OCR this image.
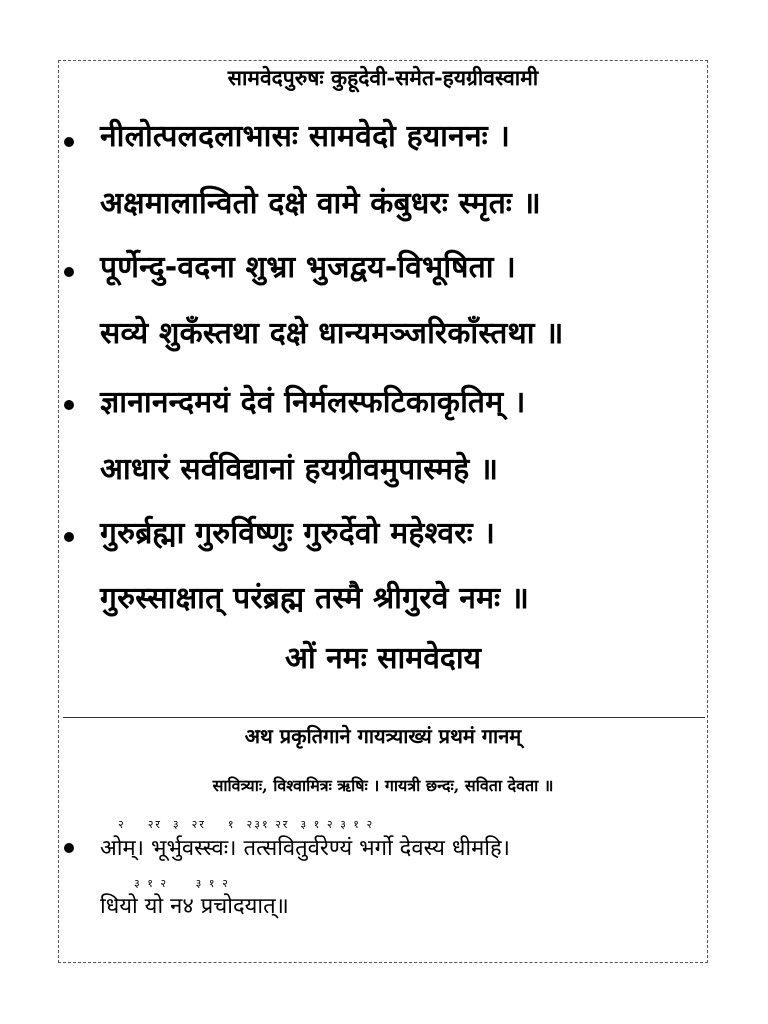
सामवेदपुरुषः कुहूदेवी-समेत-हयग्रीवस्वामी
नीलोत्पलदलाभासः सामवेदो हयाननः ।
अक्षमालान्वितो दक्षे वामे कंबुधरः स्मृतः ॥
पूर्णेन्दु-वदना शुभ्रा भुजद्वय-विभूषिता ।
सव्ये शुकँस्तथा दक्षे धान्यमञ्जरिकाँस्तथा ॥
ज्ञानानन्दमयं देवं निर्मलस्फटिकाकृतिम् ।
आधारं सर्वविद्यानां हयग्रीवमुपास्महे ॥
गुरुर्ब्रह्मा गुरुर्विष्णुः गुरुर्देवो महेश्वरः ।
गुरुस्साक्षात् परंब्रह्म तस्मै श्रीगुरवे नमः ॥
ओं नमः सामवेदाय
अथ प्रकृतिगाने गायत्र्याख्यं प्रथमं गानम्
सावित्र्याः, विश्वामित्रः ऋषिः । गायत्री छन्दः, सविता देवता ॥
२    २र  ३  २र    १  २३१ २र  ३ १ २ ३ १ २
ओम्। भूर्भुवस्स्वः। तत्सवितुर्वरेण्यं भर्गो देवस्य धीमहि।
३ १ २     ३ १ २
धियो यो न४ प्रचोदयात्॥
